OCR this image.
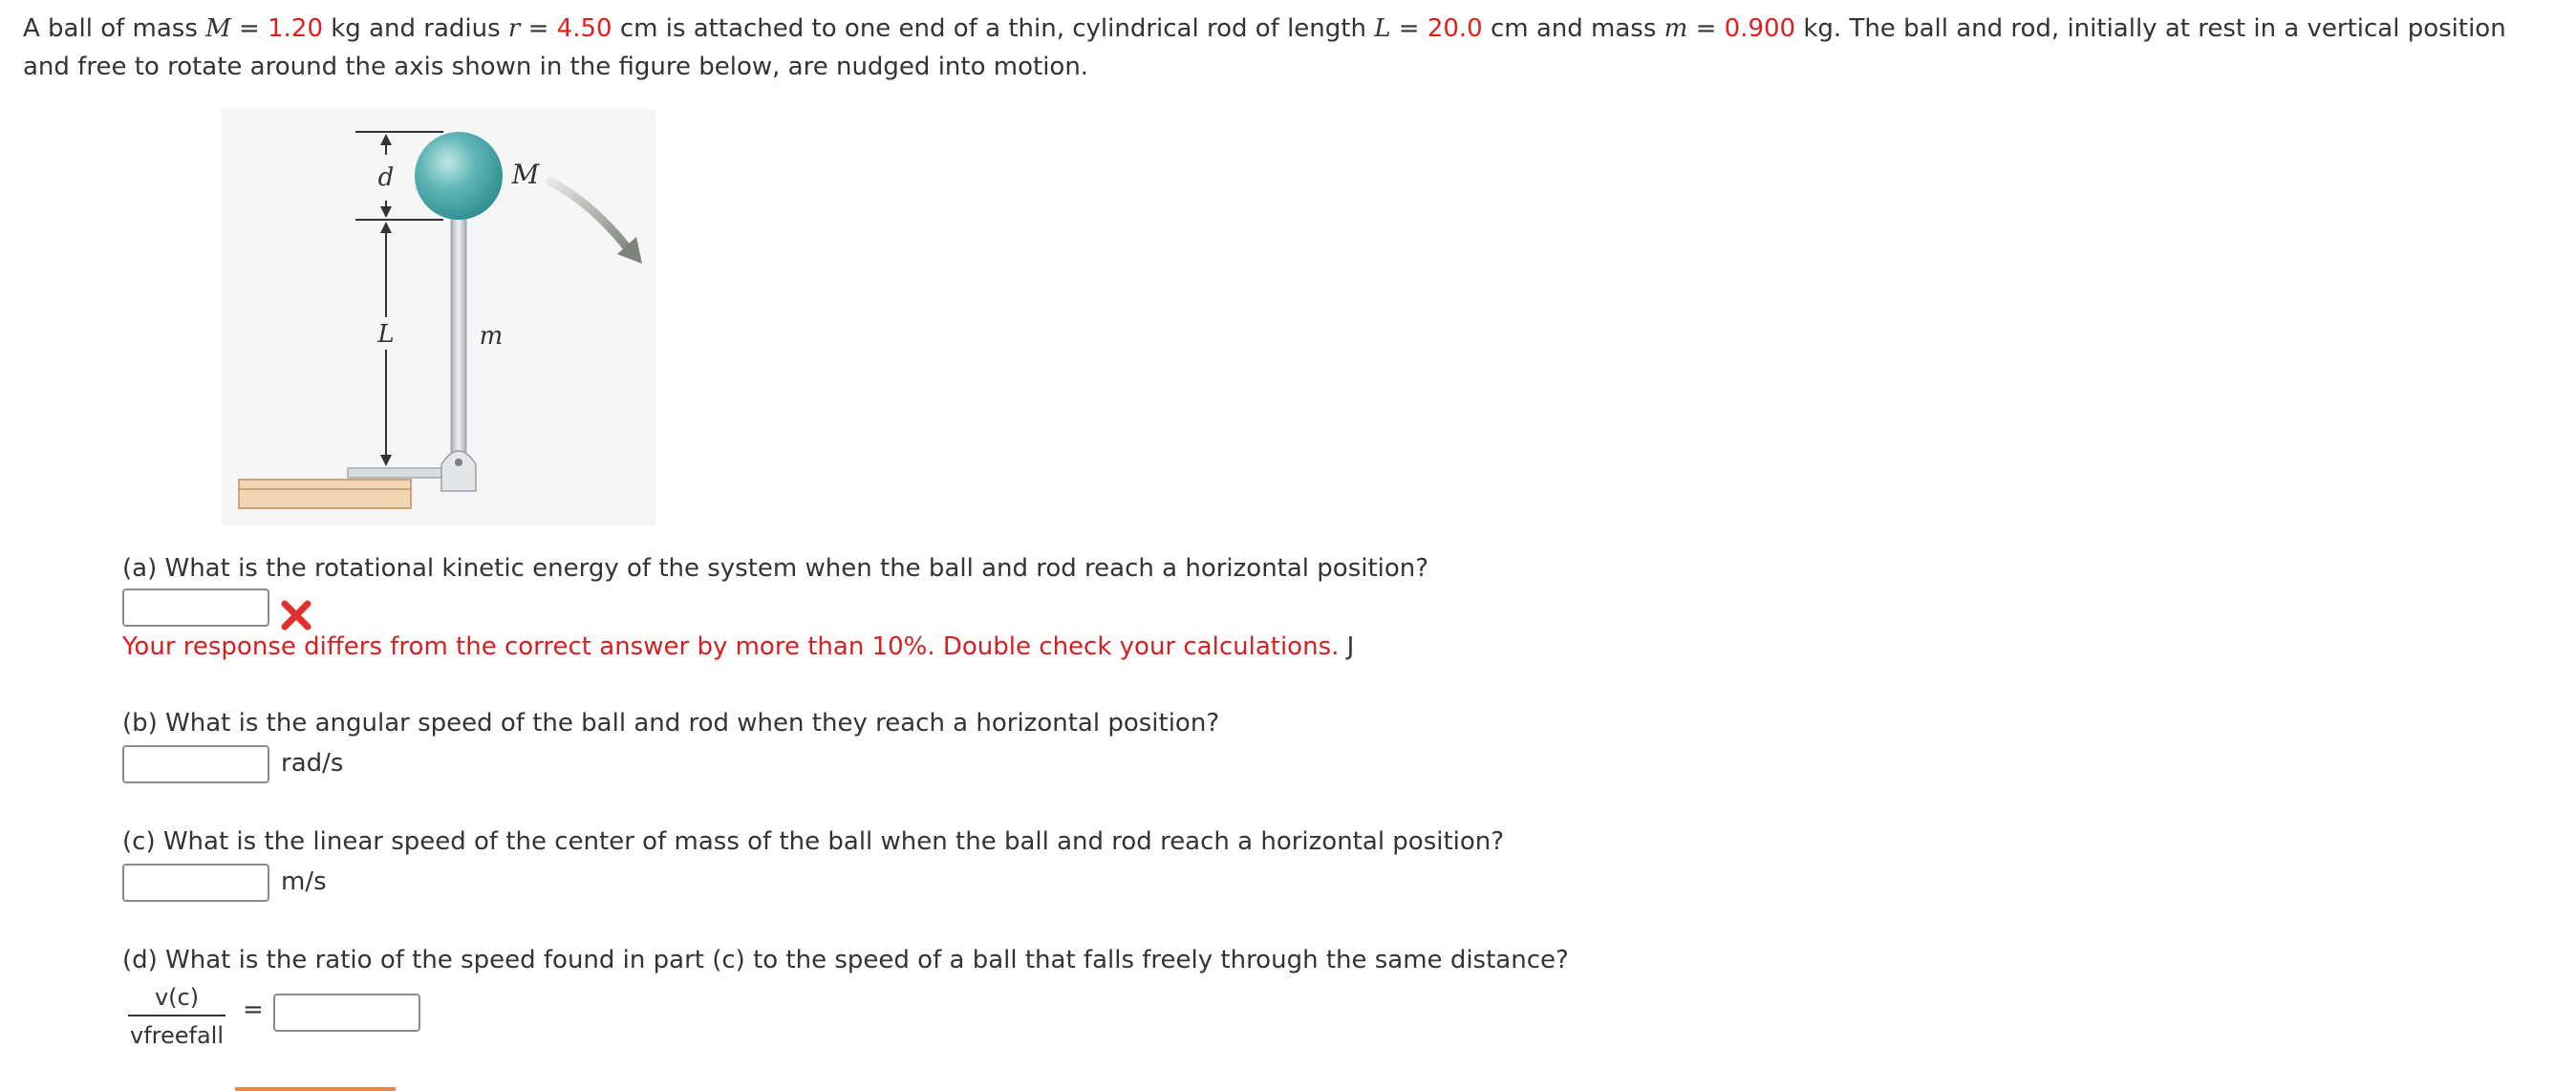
A ball of mass M = 1.20 kg and radius r = 4.50 cm is attached to one end of a thin, cylindrical rod of length L = 20.0 cm and mass m = 0.900 kg. The ball and rod, initially at rest in a vertical position and free to rotate around the axis shown in the figure below, are nudged into motion.
d	M
L	m
(a) What is the rotational kinetic energy of the system when the ball and rod reach a horizontal position?
Your response differs from the correct answer by more than 10%. Double check your calculations. J
(b) What is the angular speed of the ball and rod when they reach a horizontal position?
rad/s
(c) What is the linear speed of the center of mass of the ball when the ball and rod reach a horizontal position?
m/s
(d) What is the ratio of the speed found in part (c) to the speed of a ball that falls freely through the same distance?
v(c)
vfreefall
=
